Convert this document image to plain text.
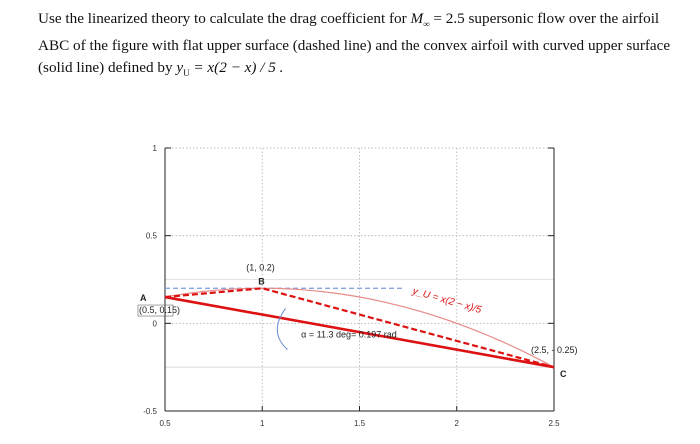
Use the linearized theory to calculate the drag coefficient for $M_\infty = 2.5$ supersonic flow over the airfoil
ABC of the figure with flat upper surface (dashed line) and the convex airfoil with curved upper surface
(solid line) defined by $y_U = x(2 - x) / 5$ .
1
0.5
0
-0.5
0.5	1	1.5	2	2.5
(1, 0.2)
B
A
(0.5, 0.15)
(2.5, - 0.25)
C
y_U = x(2 − x)/5
α = 11.3 deg= 0.197 rad
